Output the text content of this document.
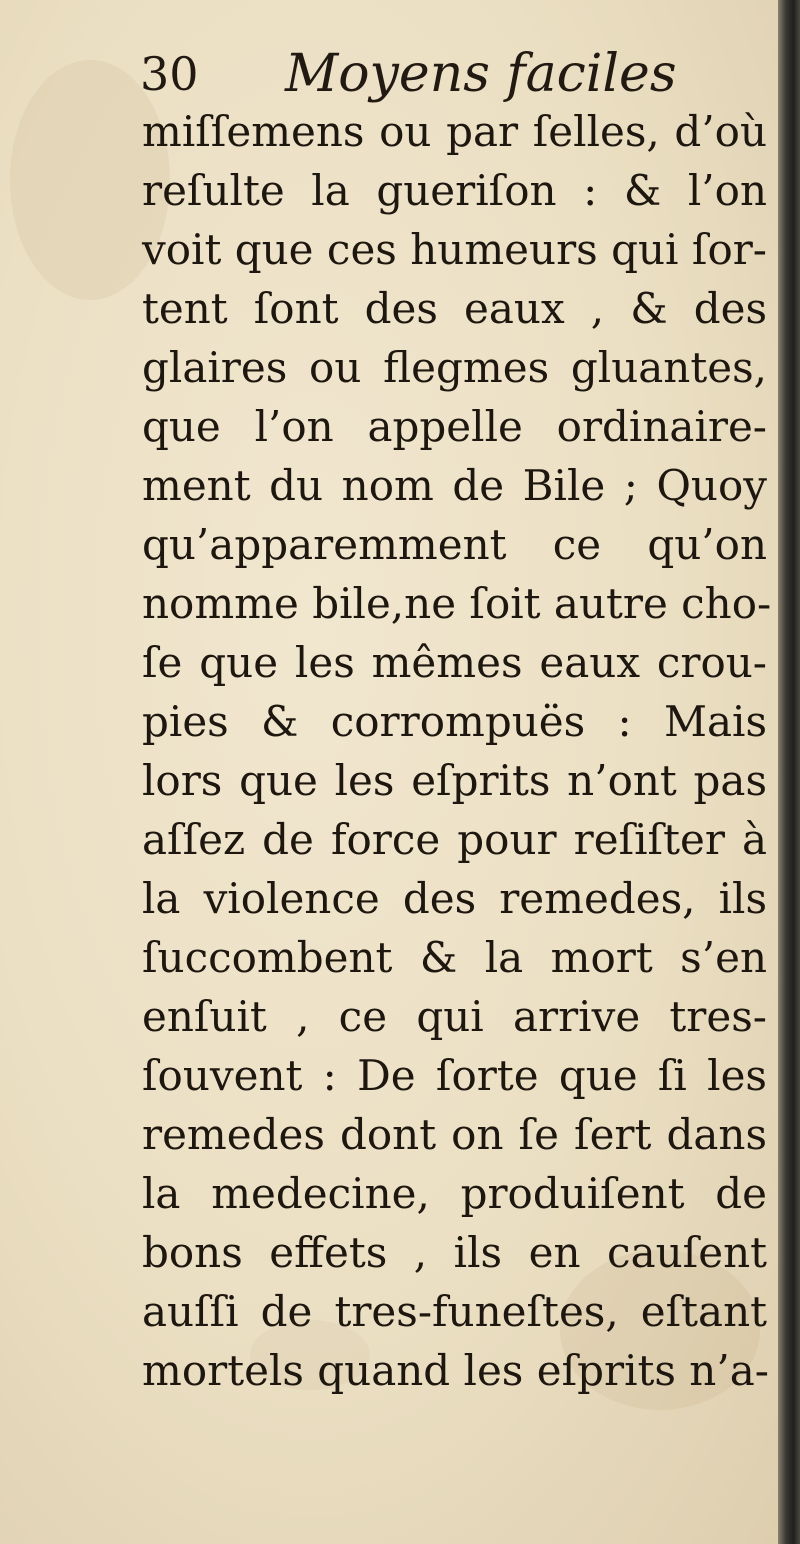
30 Moyens faciles
miſſemens ou par ſelles, d’où
reſulte la gueriſon : & l’on
voit que ces humeurs qui ſor-
tent ſont des eaux , & des
glaires ou flegmes gluantes,
que l’on appelle ordinaire-
ment du nom de Bile ; Quoy
qu’apparemment ce qu’on
nomme bile,ne ſoit autre cho-
ſe que les mêmes eaux crou-
pies & corrompuës : Mais
lors que les eſprits n’ont pas
aſſez de force pour reſiſter à
la violence des remedes, ils
ſuccombent & la mort s’en
enſuit , ce qui arrive tres-
ſouvent : De ſorte que ſi les
remedes dont on ſe ſert dans
la medecine, produiſent de
bons effets , ils en cauſent
auſſi de tres-funeſtes, eſtant
mortels quand les eſprits n’a-
